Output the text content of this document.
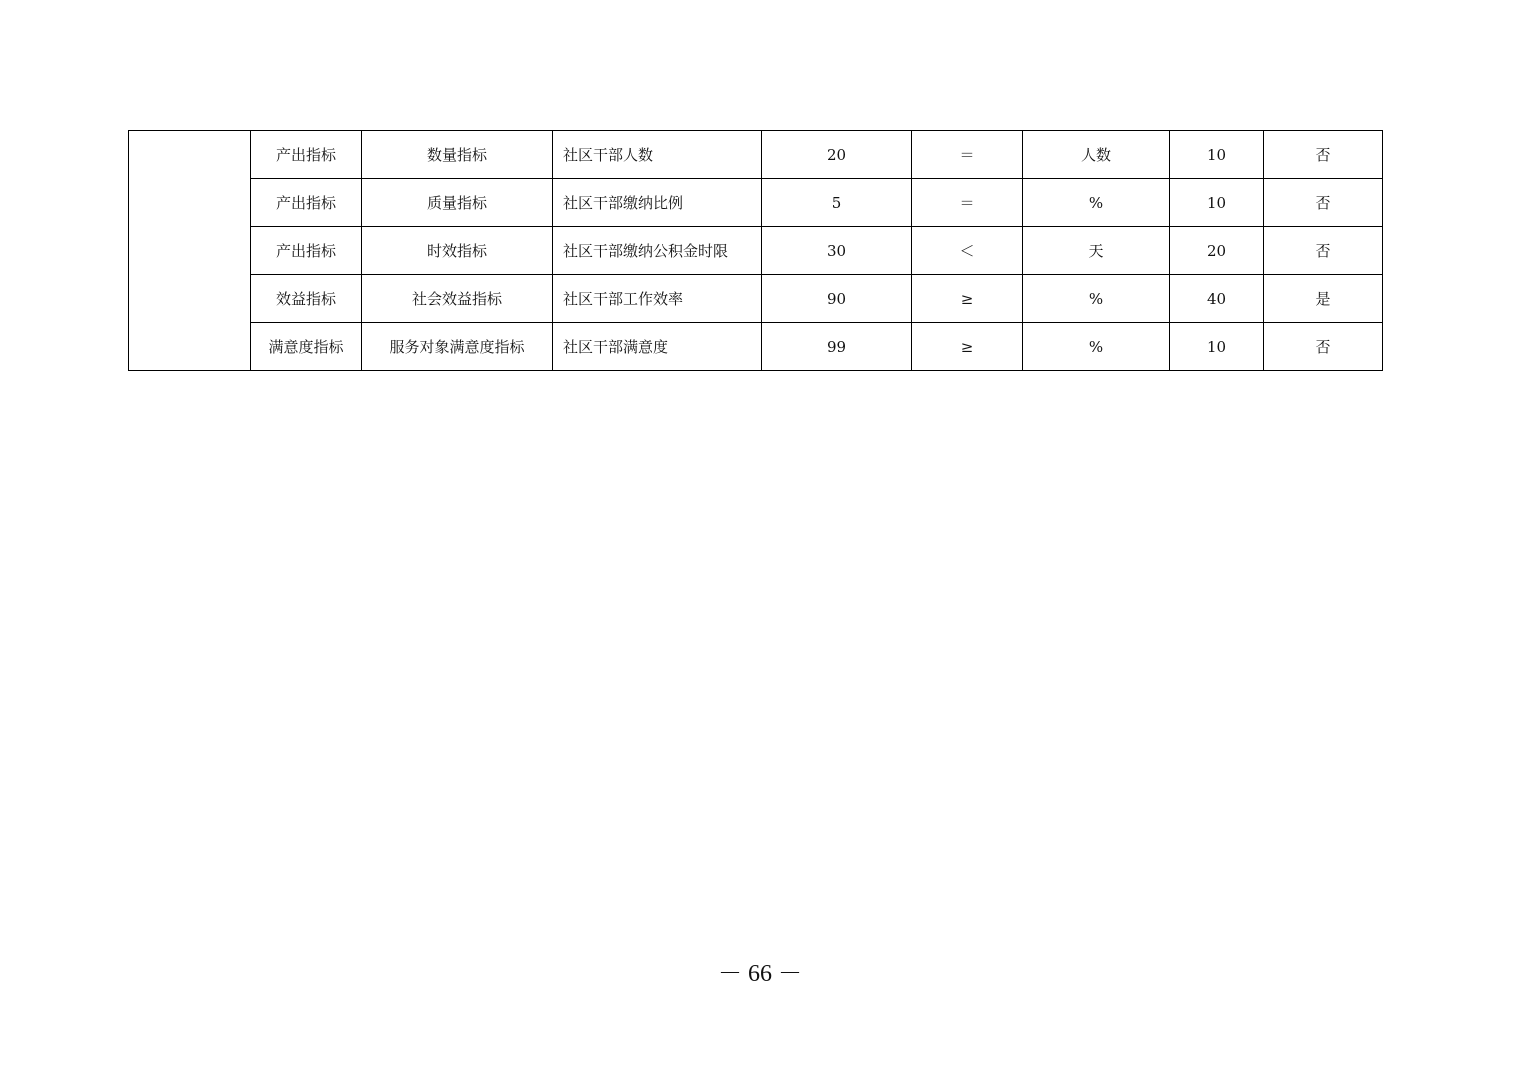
	产出指标	数量指标	社区干部人数	20	＝	人数	10	否
	产出指标	质量指标	社区干部缴纳比例	5	＝	%	10	否
	产出指标	时效指标	社区干部缴纳公积金时限	30	＜	天	20	否
	效益指标	社会效益指标	社区干部工作效率	90	≥	%	40	是
	满意度指标	服务对象满意度指标	社区干部满意度	99	≥	%	10	否
－ 66 －
